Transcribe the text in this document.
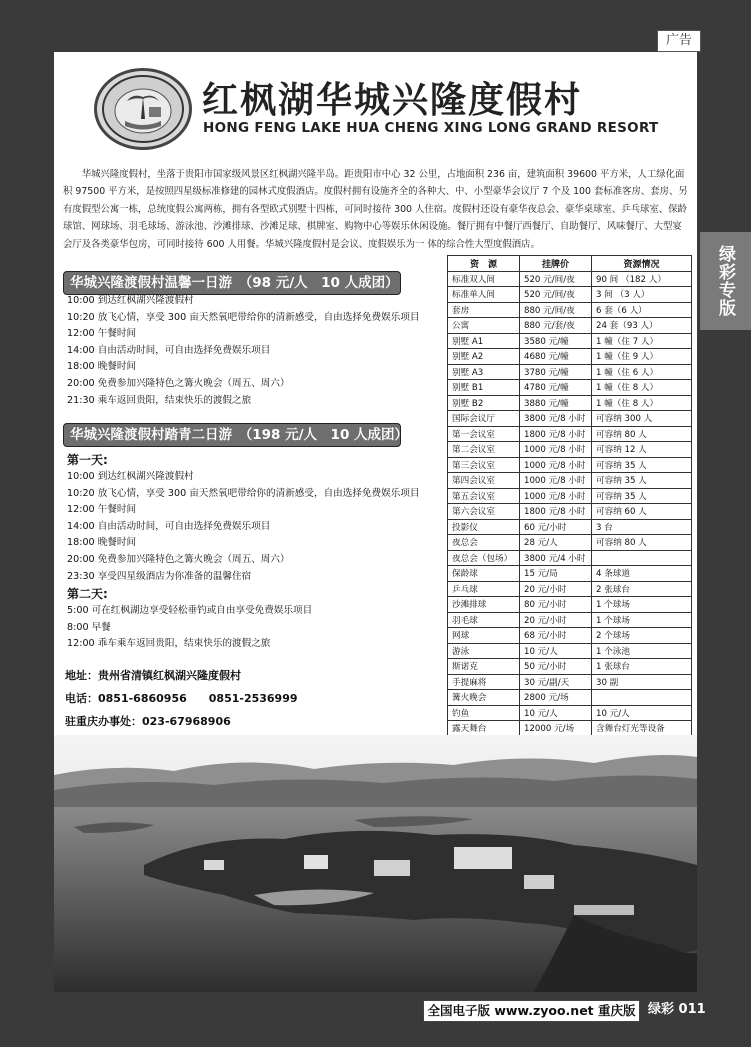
广告
绿彩专版
红枫湖华城兴隆度假村
HONG FENG LAKE HUA CHENG XING LONG GRAND RESORT
华城兴隆度假村，坐落于贵阳市国家级风景区红枫湖兴隆半岛。距贵阳市中心 32 公里，占地面积 236 亩，建筑面积 39600 平方米，人工绿化面积 97500 平方米，是按照四星级标准修建的园林式度假酒店。度假村拥有设施齐全的各种大、中、小型豪华会议厅 7 个及 100 套标准客房、套房、另有度假型公寓一栋，总统度假公寓两栋，拥有各型欧式别墅十四栋，可同时接待 300 人住宿。度假村还设有豪华夜总会、豪华桌球室、乒乓球室、保龄球馆、网球场、羽毛球场、游泳池、沙滩排球、沙滩足球、棋牌室、购物中心等娱乐休闲设施。餐厅拥有中餐厅西餐厅、自助餐厅、风味餐厅、大型宴会厅及各类豪华包房，可同时接待 600 人用餐。华城兴隆度假村是会议、度假娱乐为一 体的综合性大型度假酒店。
华城兴隆渡假村温馨一日游　（98 元/人　10 人成团）
10:00 到达红枫湖兴隆渡假村
10:20 放飞心情，享受 300 亩天然氧吧带给你的清新感受，自由选择免费娱乐项目
12:00 午餐时间
14:00 自由活动时间，可自由选择免费娱乐项目
18:00 晚餐时间
20:00 免费参加兴隆特色之篝火晚会（周五、周六）
21:30 乘车返回贵阳，结束快乐的渡假之旅
华城兴隆渡假村踏青二日游　（198 元/人　10 人成团）
第一天:
10:00 到达红枫湖兴隆渡假村
10:20 放飞心情，享受 300 亩天然氧吧带给你的清新感受，自由选择免费娱乐项目
12:00 午餐时间
14:00 自由活动时间，可自由选择免费娱乐项目
18:00 晚餐时间
20:00 免费参加兴隆特色之篝火晚会（周五、周六）
23:30 享受四星级酒店为你准备的温馨住宿
第二天:
5:00 可在红枫湖边享受轻松垂钓或自由享受免费娱乐项目
8:00 早餐
12:00 乖车乘车返回贵阳，结束快乐的渡假之旅
地址：贵州省清镇红枫湖兴隆度假村
电话：0851-6860956　　0851-2536999
驻重庆办事处：023-67968906
资　源	挂牌价	资源情况
标准双人间	520 元/间/夜	90 间 （182 人）
标准单人间	520 元/间/夜	3 间 （3 人）
套房	880 元/间/夜	6 套（6 人）
公寓	880 元/套/夜	24 套（93 人）
别墅 A1	3580 元/幢	1 幢（住 7 人）
别墅 A2	4680 元/幢	1 幢（住 9 人）
别墅 A3	3780 元/幢	1 幢（住 6 人）
别墅 B1	4780 元/幢	1 幢（住 8 人）
别墅 B2	3880 元/幢	1 幢（住 8 人）
国际会议厅	3800 元/8 小时	可容纳 300 人
第一会议室	1800 元/8 小时	可容纳 80 人
第二会议室	1000 元/8 小时	可容纳 12 人
第三会议室	1000 元/8 小时	可容纳 35 人
第四会议室	1000 元/8 小时	可容纳 35 人
第五会议室	1000 元/8 小时	可容纳 35 人
第六会议室	1800 元/8 小时	可容纳 60 人
投影仪	60 元/小时	3 台
夜总会	28 元/人	可容纳 80 人
夜总会（包场）	3800 元/4 小时	
保龄球	15 元/局	4 条球道
乒乓球	20 元/小时	2 张球台
沙滩排球	80 元/小时	1 个球场
羽毛球	20 元/小时	1 个球场
网球	68 元/小时	2 个球场
游泳	10 元/人	1 个泳池
斯诺克	50 元/小时	1 张球台
手提麻将	30 元/副/天	30 副
篝火晚会	2800 元/场	
钓鱼	10 元/人	10 元/人
露天舞台	12000 元/场	含舞台灯光等设备
全国电子版 www.zyoo.net 重庆版 绿彩 011
